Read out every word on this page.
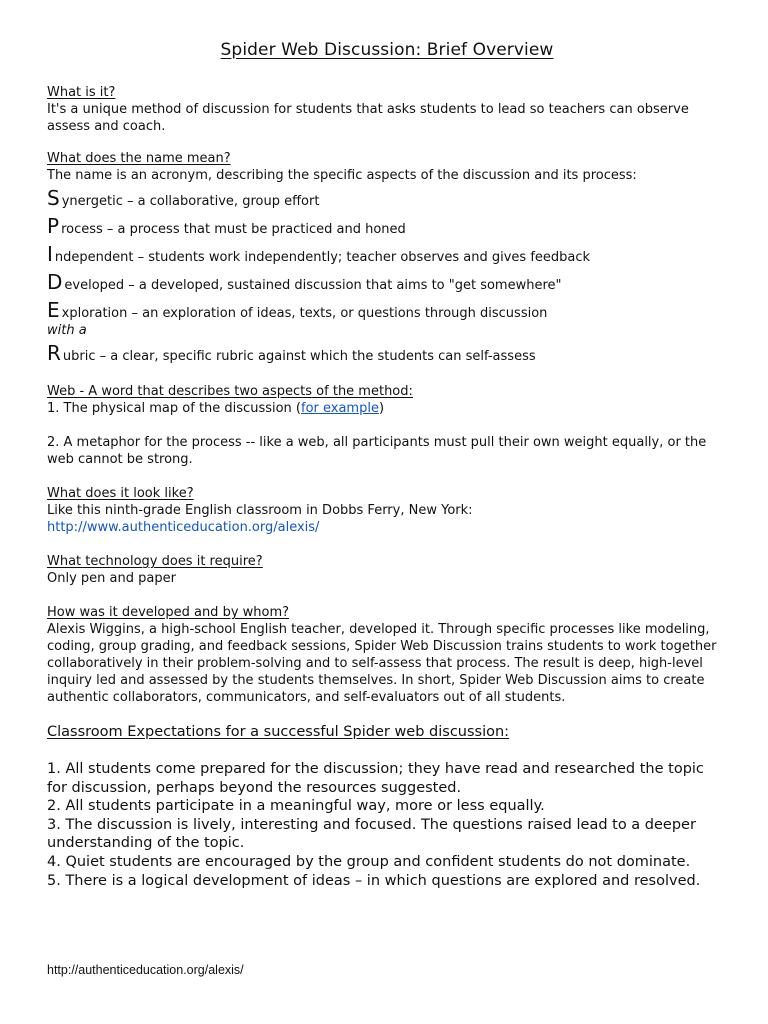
Spider Web Discussion: Brief Overview
What is it?
It's a unique method of discussion for students that asks students to lead so teachers can observe assess and coach.
What does the name mean?
The name is an acronym, describing the specific aspects of the discussion and its process:
S ynergetic – a collaborative, group effort
P rocess – a process that must be practiced and honed
I ndependent – students work independently; teacher observes and gives feedback
D eveloped – a developed, sustained discussion that aims to "get somewhere"
E xploration – an exploration of ideas, texts, or questions through discussion
with a
R ubric – a clear, specific rubric against which the students can self-assess
Web - A word that describes two aspects of the method:
1. The physical map of the discussion (for example)
2. A metaphor for the process -- like a web, all participants must pull their own weight equally, or the web cannot be strong.
What does it look like?
Like this ninth-grade English classroom in Dobbs Ferry, New York:
http://www.authenticeducation.org/alexis/
What technology does it require?
Only pen and paper
How was it developed and by whom?
Alexis Wiggins, a high-school English teacher, developed it. Through specific processes like modeling, coding, group grading, and feedback sessions, Spider Web Discussion trains students to work together collaboratively in their problem-solving and to self-assess that process. The result is deep, high-level inquiry led and assessed by the students themselves. In short, Spider Web Discussion aims to create authentic collaborators, communicators, and self-evaluators out of all students.
Classroom Expectations for a successful Spider web discussion:
1. All students come prepared for the discussion; they have read and researched the topic for discussion, perhaps beyond the resources suggested.
2. All students participate in a meaningful way, more or less equally.
3. The discussion is lively, interesting and focused. The questions raised lead to a deeper understanding of the topic.
4. Quiet students are encouraged by the group and confident students do not dominate.
5. There is a logical development of ideas – in which questions are explored and resolved.
http://authenticeducation.org/alexis/
